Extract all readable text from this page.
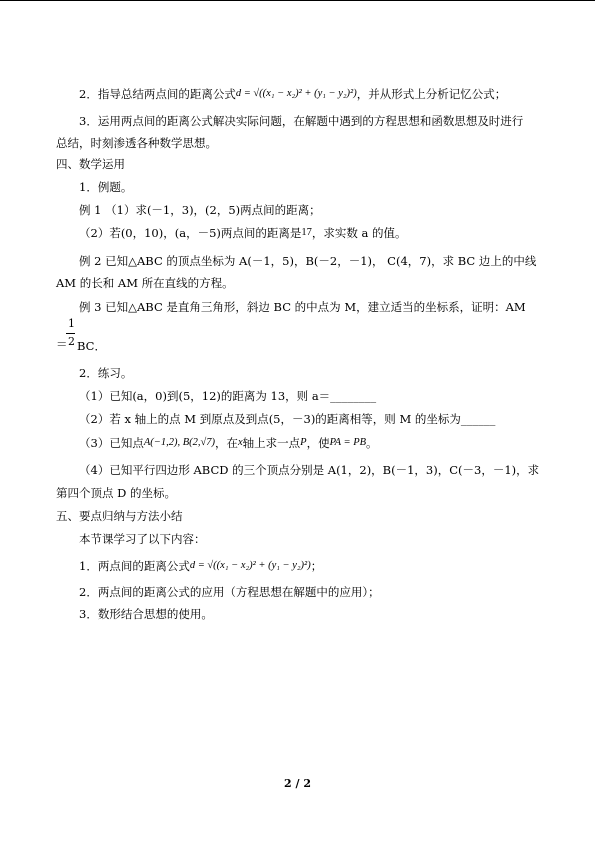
2．指导总结两点间的距离公式d = √((x₁ − x₂)² + (y₁ − y₂)²)，并从形式上分析记忆公式；
3．运用两点间的距离公式解决实际问题，在解题中遇到的方程思想和函数思想及时进行
总结，时刻渗透各种数学思想。
四、数学运用
1．例题。
例 1 （1）求(－1，3)，(2，5)两点间的距离；
（2）若(0，10)，(a，－5)两点间的距离是17，求实数 a 的值。
例 2 已知△ABC 的顶点坐标为 A(－1，5)，B(－2，－1)， C(4，7)，求 BC 边上的中线
AM 的长和 AM 所在直线的方程。
例 3 已知△ABC 是直角三角形，斜边 BC 的中点为 M，建立适当的坐标系，证明：AM
1
2
＝ BC．
2．练习。
（1）已知(a，0)到(5，12)的距离为 13，则 a＝________
（2）若 x 轴上的点 M 到原点及到点(5，－3)的距离相等，则 M 的坐标为______
（3）已知点A(−1,2), B(2,√7)，在x轴上求一点P，使PA = PB。
（4）已知平行四边形 ABCD 的三个顶点分别是 A(1，2)，B(－1，3)，C(－3，－1)，求
第四个顶点 D 的坐标。
五、要点归纳与方法小结
本节课学习了以下内容：
1．两点间的距离公式d = √((x₁ − x₂)² + (y₁ − y₂)²)；
2．两点间的距离公式的应用（方程思想在解题中的应用）；
3．数形结合思想的使用。
2 / 2
